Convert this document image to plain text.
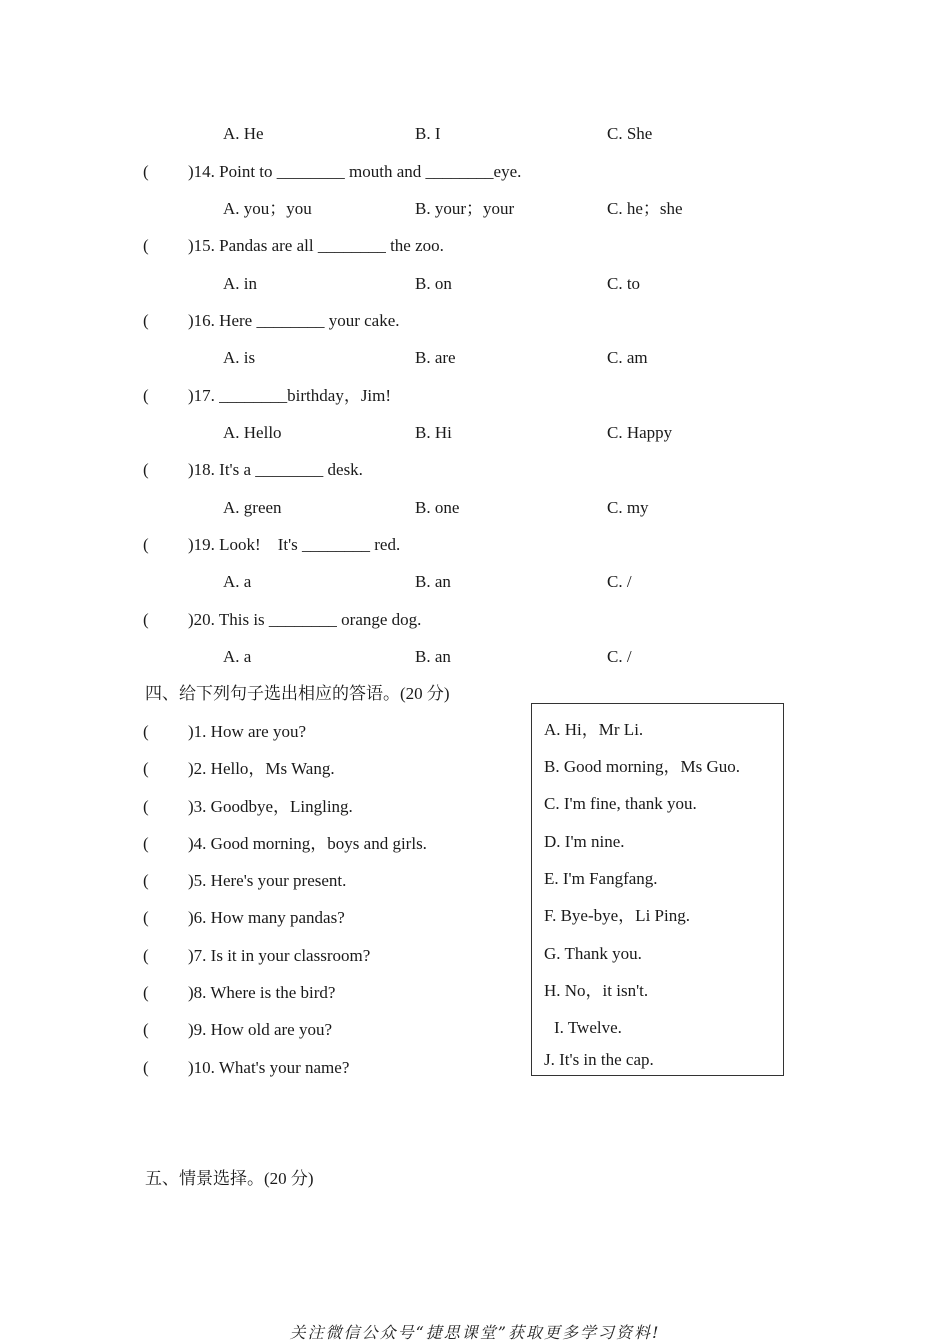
A. He	B. I	C. She
( )14. Point to ________ mouth and ________eye.
A. you；you	B. your；your	C. he；she
( )15. Pandas are all ________ the zoo.
A. in	B. on	C. to
( )16. Here ________ your cake.
A. is	B. are	C. am
( )17. ________birthday，Jim!
A. Hello	B. Hi	C. Happy
( )18. It's a ________ desk.
A. green	B. one	C. my
( )19. Look!    It's ________ red.
A. a	B. an	C. /
( )20. This is ________ orange dog.
A. a	B. an	C. /
四、给下列句子选出相应的答语。(20 分)
( )1. How are you?
( )2. Hello，Ms Wang.
( )3. Goodbye，Lingling.
( )4. Good morning，boys and girls.
( )5. Here's your present.
( )6. How many pandas?
( )7. Is it in your classroom?
( )8. Where is the bird?
( )9. How old are you?
( )10. What's your name?
A. Hi，Mr Li.
B. Good morning，Ms Guo.
C. I'm fine, thank you.
D. I'm nine.
E. I'm Fangfang.
F. Bye-bye，Li Ping.
G. Thank you.
H. No，it isn't.
I. Twelve.
J. It's in the cap.
五、情景选择。(20 分)
关注微信公众号“捷思课堂”获取更多学习资料!
